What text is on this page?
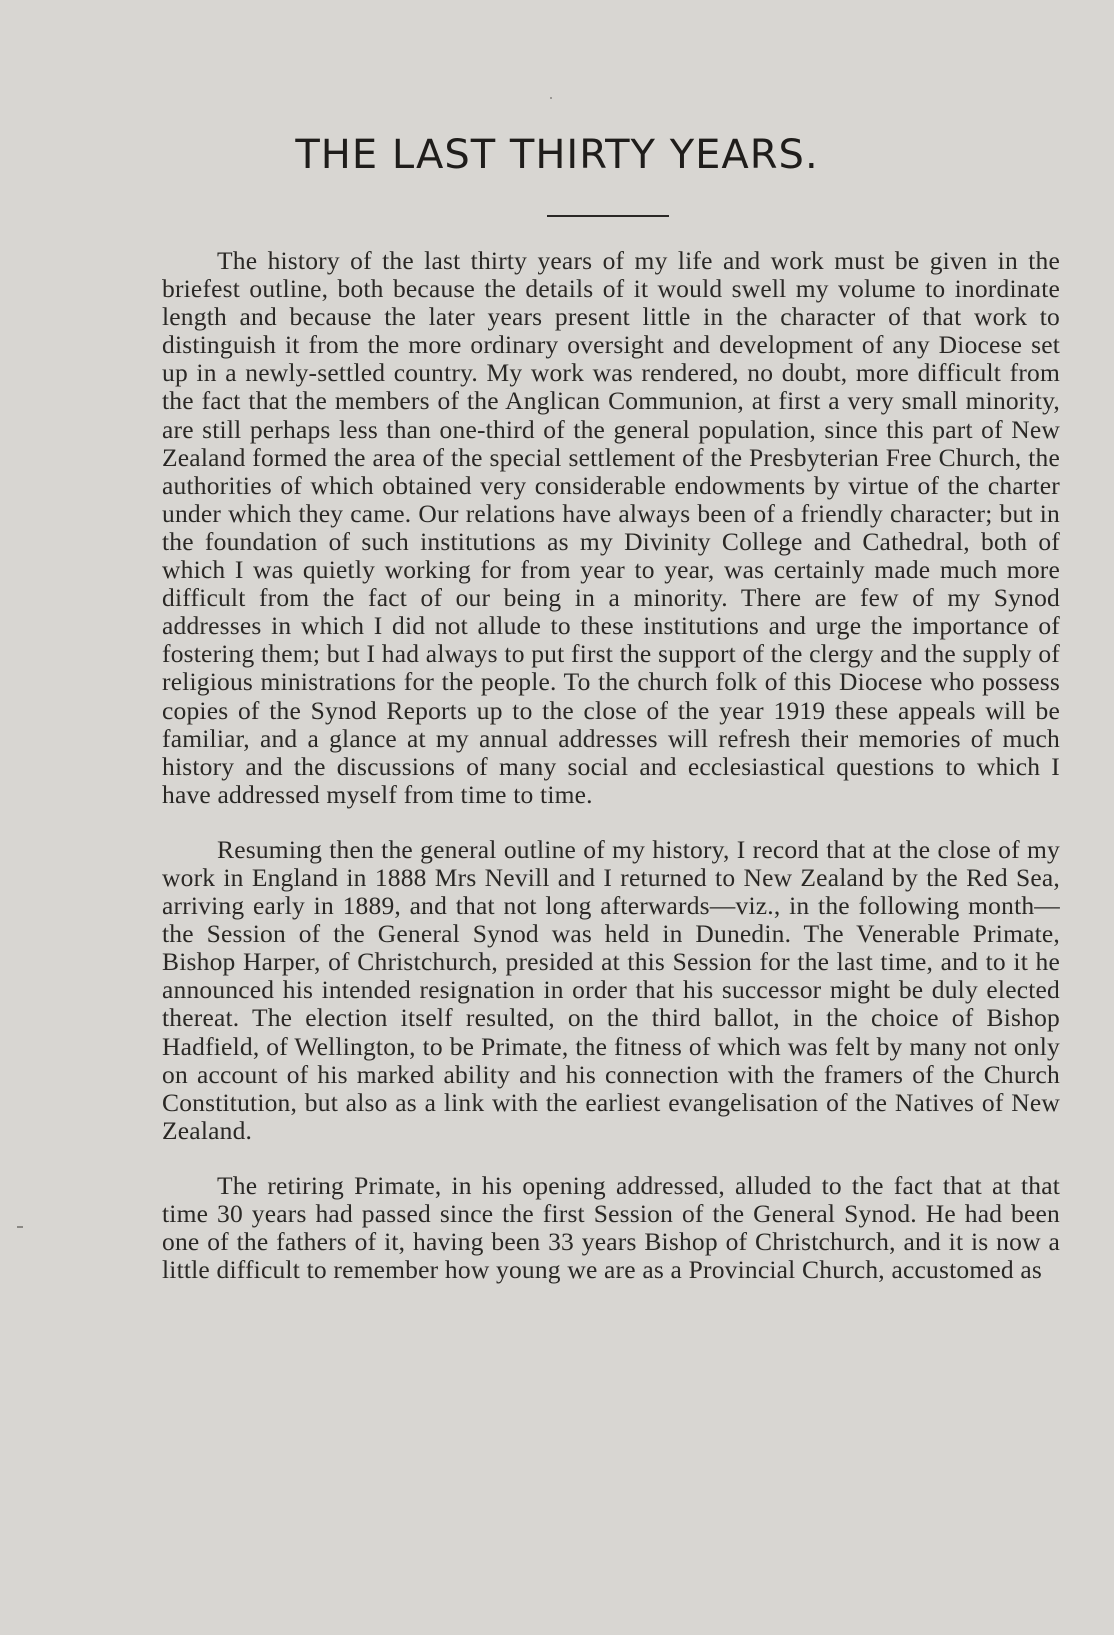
THE LAST THIRTY YEARS.

The history of the last thirty years of my life and work must be given in the briefest outline, both because the details of it would swell my volume to inordinate length and because the later years present little in the character of that work to distinguish it from the more ordinary oversight and development of any Diocese set up in a newly-settled country. My work was rendered, no doubt, more difficult from the fact that the members of the Anglican Communion, at first a very small minority, are still perhaps less than one-third of the general population, since this part of New Zealand formed the area of the special settlement of the Presbyterian Free Church, the authorities of which obtained very considerable endowments by virtue of the charter under which they came. Our relations have always been of a friendly character; but in the foundation of such institutions as my Divinity College and Cathedral, both of which I was quietly working for from year to year, was certainly made much more difficult from the fact of our being in a minority. There are few of my Synod addresses in which I did not allude to these institutions and urge the importance of fostering them; but I had always to put first the support of the clergy and the supply of religious ministrations for the people. To the church folk of this Diocese who possess copies of the Synod Reports up to the close of the year 1919 these appeals will be familiar, and a glance at my annual addresses will refresh their memories of much history and the discussions of many social and ecclesiastical questions to which I have addressed myself from time to time.

Resuming then the general outline of my history, I record that at the close of my work in England in 1888 Mrs Nevill and I returned to New Zealand by the Red Sea, arriving early in 1889, and that not long afterwards—viz., in the following month—the Session of the General Synod was held in Dunedin. The Venerable Primate, Bishop Harper, of Christchurch, presided at this Session for the last time, and to it he announced his intended resignation in order that his successor might be duly elected thereat. The election itself resulted, on the third ballot, in the choice of Bishop Hadfield, of Wellington, to be Primate, the fitness of which was felt by many not only on account of his marked ability and his connection with the framers of the Church Constitution, but also as a link with the earliest evangelisation of the Natives of New Zealand.

The retiring Primate, in his opening addressed, alluded to the fact that at that time 30 years had passed since the first Session of the General Synod. He had been one of the fathers of it, having been 33 years Bishop of Christchurch, and it is now a little difficult to remember how young we are as a Provincial Church, accustomed as
